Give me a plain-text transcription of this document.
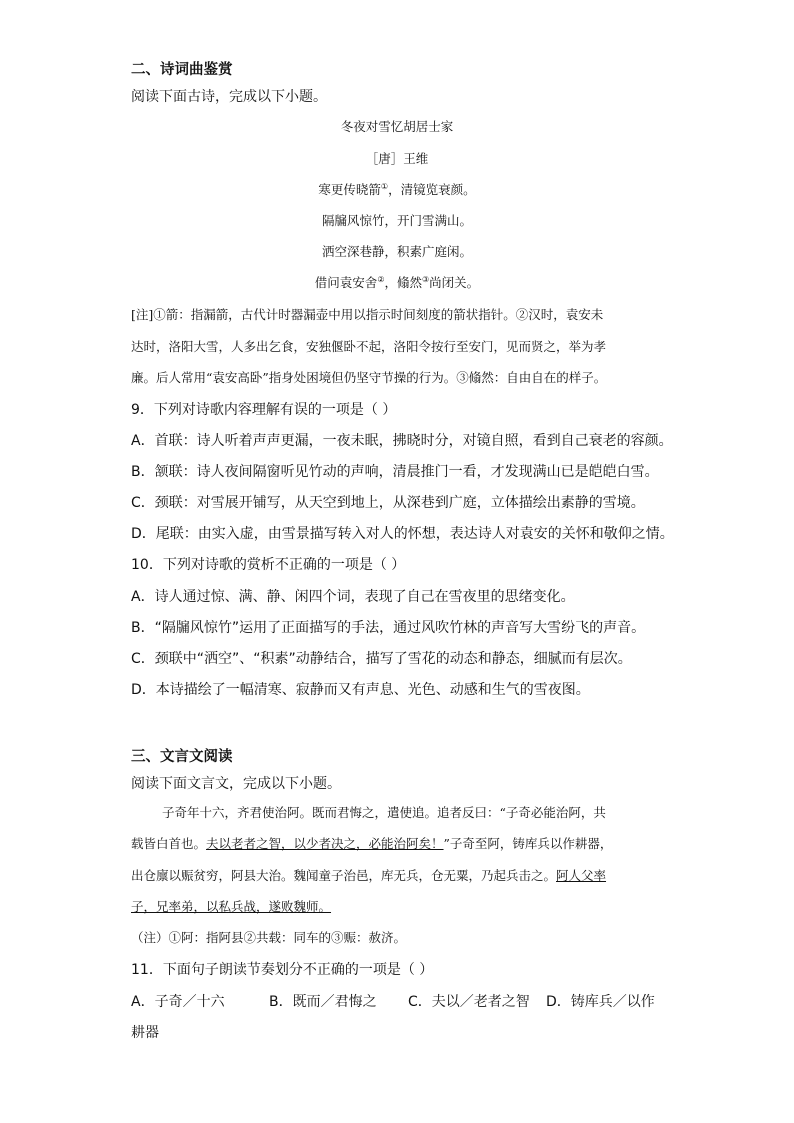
二、诗词曲鉴赏
阅读下面古诗，完成以下小题。
冬夜对雪忆胡居士家
［唐］王维
寒更传晓箭①，清镜览衰颜。
隔牖风惊竹，开门雪满山。
洒空深巷静，积素广庭闲。
借问袁安舍②，翛然③尚闭关。
[注]①箭：指漏箭，古代计时器漏壶中用以指示时间刻度的箭状指针。②汉时，袁安未
达时，洛阳大雪，人多出乞食，安独偃卧不起，洛阳令按行至安门，见而贤之，举为孝
廉。后人常用“袁安高卧”指身处困境但仍坚守节操的行为。③翛然：自由自在的样子。
9．下列对诗歌内容理解有误的一项是（ ）
A．首联：诗人听着声声更漏，一夜未眠，拂晓时分，对镜自照，看到自己衰老的容颜。
B．颔联：诗人夜间隔窗听见竹动的声响，清晨推门一看，才发现满山已是皑皑白雪。
C．颈联：对雪展开铺写，从天空到地上，从深巷到广庭，立体描绘出素静的雪境。
D．尾联：由实入虚，由雪景描写转入对人的怀想，表达诗人对袁安的关怀和敬仰之情。
10．下列对诗歌的赏析不正确的一项是（ ）
A．诗人通过惊、满、静、闲四个词，表现了自己在雪夜里的思绪变化。
B．“隔牖风惊竹”运用了正面描写的手法，通过风吹竹林的声音写大雪纷飞的声音。
C．颈联中“洒空”、“积素”动静结合，描写了雪花的动态和静态，细腻而有层次。
D．本诗描绘了一幅清寒、寂静而又有声息、光色、动感和生气的雪夜图。
三、文言文阅读
阅读下面文言文，完成以下小题。
子奇年十六，齐君使治阿。既而君悔之，遣使追。追者反曰：“子奇必能治阿，共
载皆白首也。夫以老者之智，以少者决之，必能治阿矣！”子奇至阿，铸库兵以作耕器，
出仓廪以赈贫穷，阿县大治。魏闻童子治邑，库无兵，仓无粟，乃起兵击之。阿人父率
子，兄率弟，以私兵战，遂败魏师。
（注）①阿：指阿县②共载：同车的③赈：赦济。
11．下面句子朗读节奏划分不正确的一项是（ ）
A．子奇／十六	B．既而／君悔之 C．夫以／老者之智 D．铸库兵／以作
耕器
